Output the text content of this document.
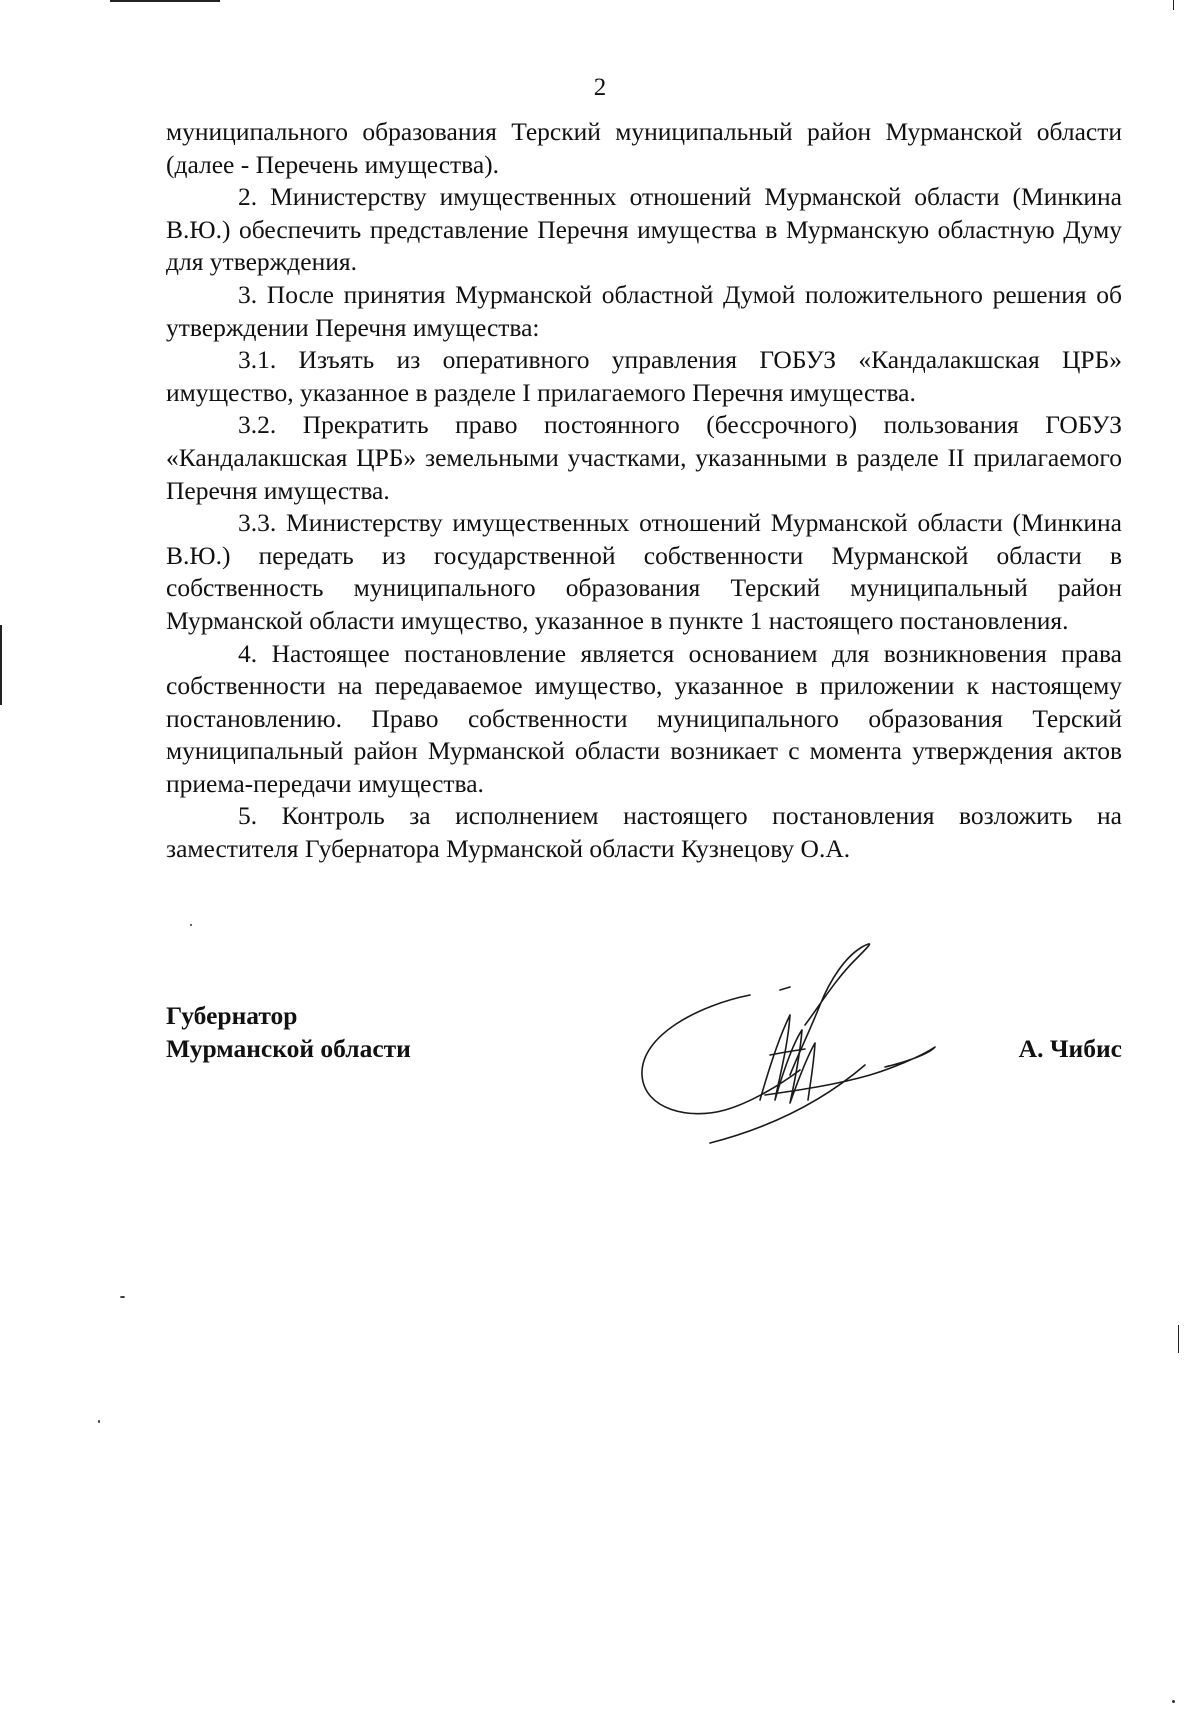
2

муниципального образования Терский муниципальный район Мурманской области (далее - Перечень имущества).

2. Министерству имущественных отношений Мурманской области (Минкина В.Ю.) обеспечить представление Перечня имущества в Мурманскую областную Думу для утверждения.

3. После принятия Мурманской областной Думой положительного решения об утверждении Перечня имущества:

3.1. Изъять из оперативного управления ГОБУЗ «Кандалакшская ЦРБ» имущество, указанное в разделе I прилагаемого Перечня имущества.

3.2. Прекратить право постоянного (бессрочного) пользования ГОБУЗ «Кандалакшская ЦРБ» земельными участками, указанными в разделе II прилагаемого Перечня имущества.

3.3. Министерству имущественных отношений Мурманской области (Минкина В.Ю.) передать из государственной собственности Мурманской области в собственность муниципального образования Терский муниципальный район Мурманской области имущество, указанное в пункте 1 настоящего постановления.

4. Настоящее постановление является основанием для возникновения права собственности на передаваемое имущество, указанное в приложении к настоящему постановлению. Право собственности муниципального образования Терский муниципальный район Мурманской области возникает с момента утверждения актов приема-передачи имущества.

5. Контроль за исполнением настоящего постановления возложить на заместителя Губернатора Мурманской области Кузнецову О.А.

Губернатор
Мурманской области	А. Чибис
